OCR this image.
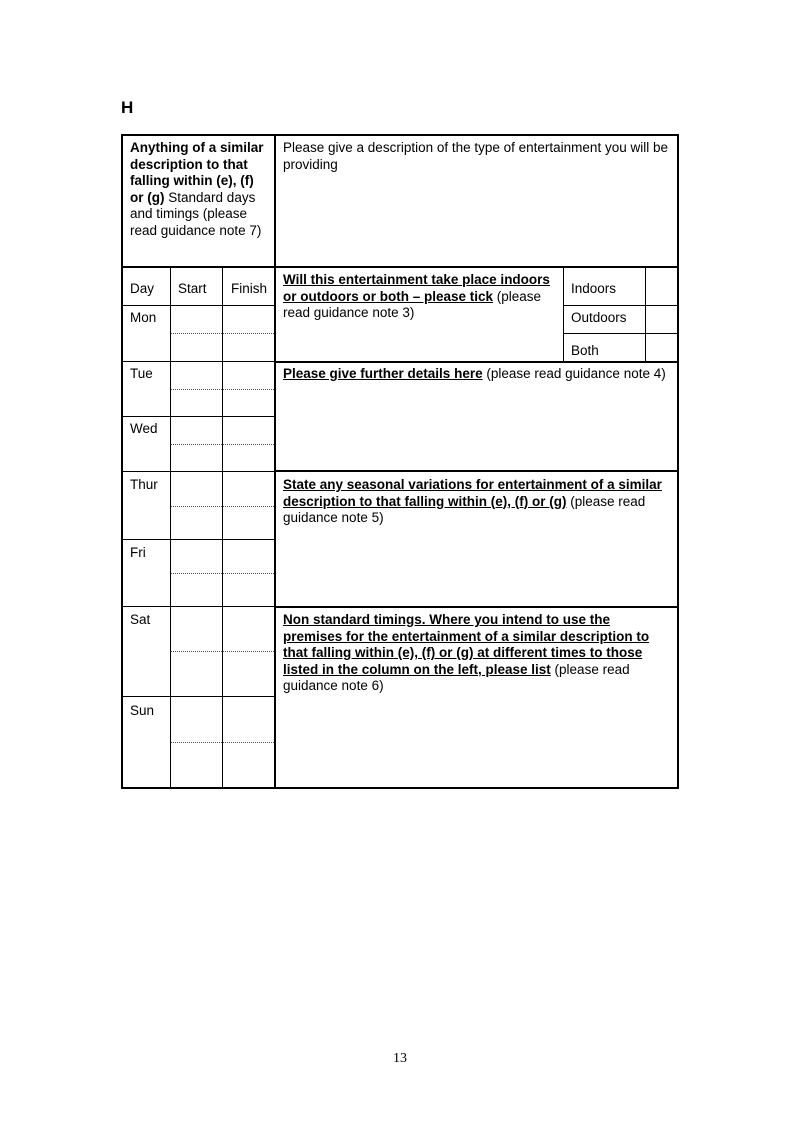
H
Anything of a similar description to that falling within (e), (f) or (g) Standard days and timings (please read guidance note 7)
Please give a description of the type of entertainment you will be providing
Day Start Finish
Mon
Tue
Wed
Thur
Fri
Sat
Sun
Will this entertainment take place indoors or outdoors or both – please tick (please read guidance note 3)
Indoors
Outdoors
Both
Please give further details here (please read guidance note 4)
State any seasonal variations for entertainment of a similar description to that falling within (e), (f) or (g) (please read guidance note 5)
Non standard timings. Where you intend to use the premises for the entertainment of a similar description to that falling within (e), (f) or (g) at different times to those listed in the column on the left, please list (please read guidance note 6)
13
